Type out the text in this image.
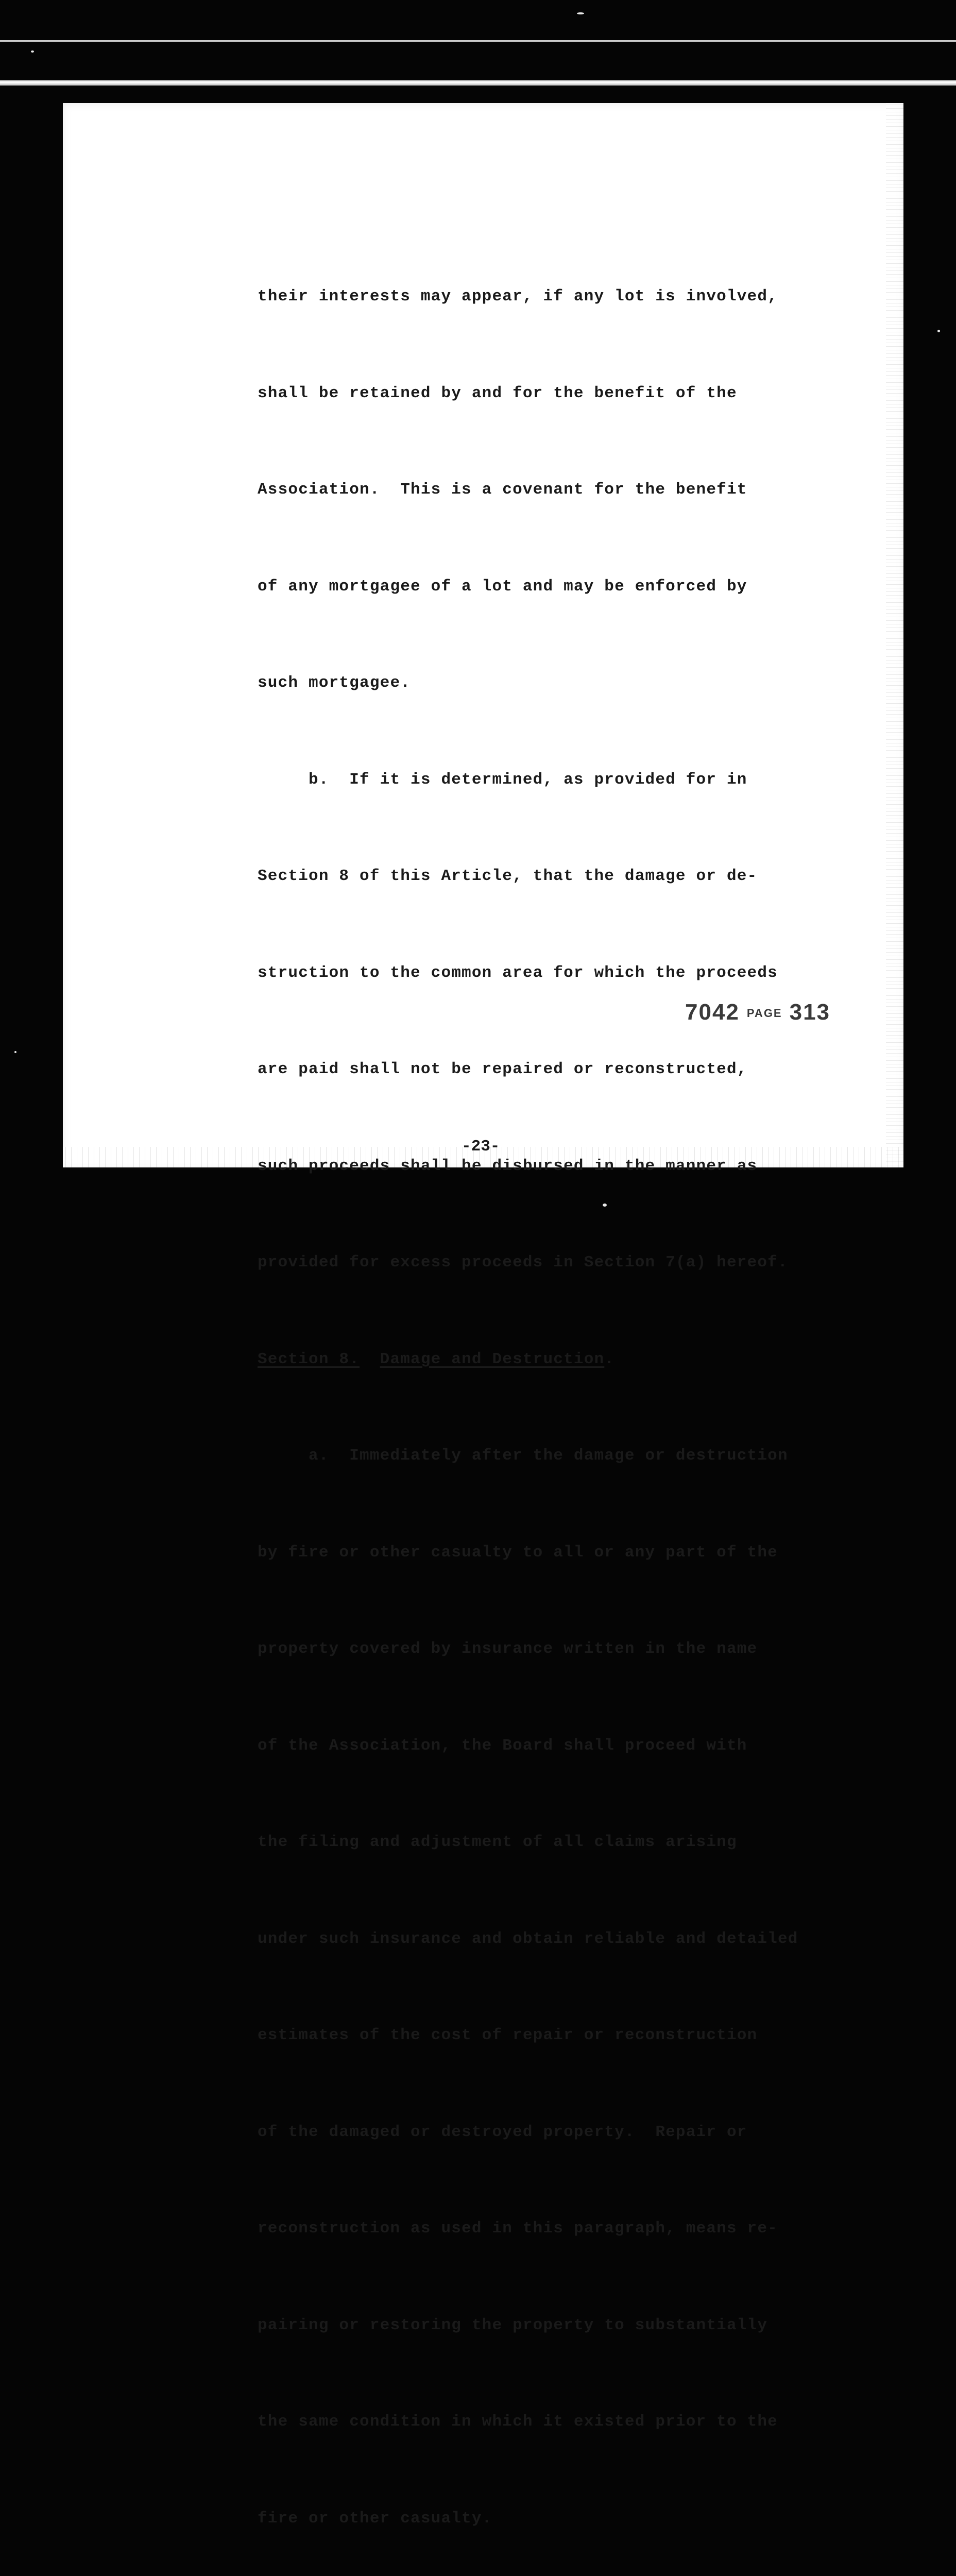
their interests may appear, if any lot is involved,

shall be retained by and for the benefit of the

Association.  This is a covenant for the benefit

of any mortgagee of a lot and may be enforced by

such mortgagee.

b.  If it is determined, as provided for in

Section 8 of this Article, that the damage or de-

struction to the common area for which the proceeds

are paid shall not be repaired or reconstructed,

such proceeds shall be disbursed in the manner as

provided for excess proceeds in Section 7(a) hereof.

Section 8. Damage and Destruction.

a.  Immediately after the damage or destruction

by fire or other casualty to all or any part of the

property covered by insurance written in the name

of the Association, the Board shall proceed with

the filing and adjustment of all claims arising

under such insurance and obtain reliable and detailed

estimates of the cost of repair or reconstruction

of the damaged or destroyed property.  Repair or

reconstruction as used in this paragraph, means re-

pairing or restoring the property to substantially

the same condition in which it existed prior to the

fire or other casualty.

7042 PAGE 313
-23-
